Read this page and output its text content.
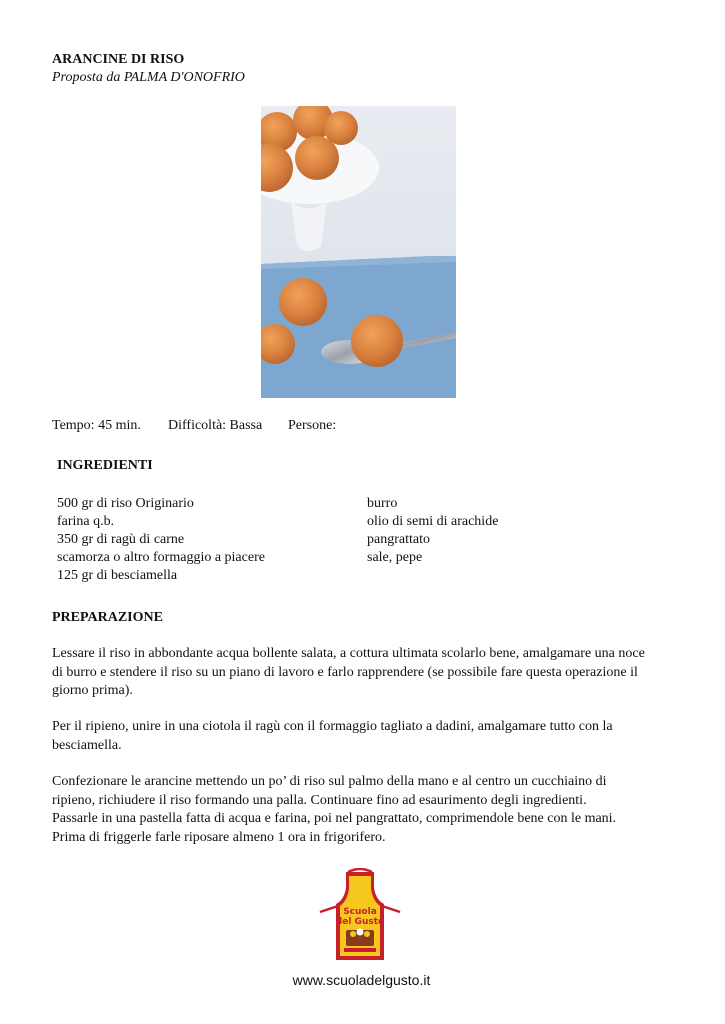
ARANCINE DI RISO
Proposta da PALMA D'ONOFRIO
Tempo: 45 min. Difficoltà: Bassa Persone:
INGREDIENTI
500 gr di riso Originario
farina q.b.
350 gr di ragù di carne
scamorza o altro formaggio a piacere
125 gr di besciamella
burro
olio di semi di arachide
pangrattato
sale, pepe
PREPARAZIONE
Lessare il riso in abbondante acqua bollente salata, a cottura ultimata scolarlo bene, amalgamare una noce
di burro e stendere il riso su un piano di lavoro e farlo rapprendere (se possibile fare questa operazione il
giorno prima).
Per il ripieno, unire in una ciotola il ragù con il formaggio tagliato a dadini, amalgamare tutto con la
besciamella.
Confezionare le arancine mettendo un po’ di riso sul palmo della mano e al centro un cucchiaino di
ripieno, richiudere il riso formando una palla. Continuare fino ad esaurimento degli ingredienti.
Passarle in una pastella fatta di acqua e farina, poi nel pangrattato, comprimendole bene con le mani.
Prima di friggerle farle riposare almeno 1 ora in frigorifero.
Scuola
del Gusto
www.scuoladelgusto.it
